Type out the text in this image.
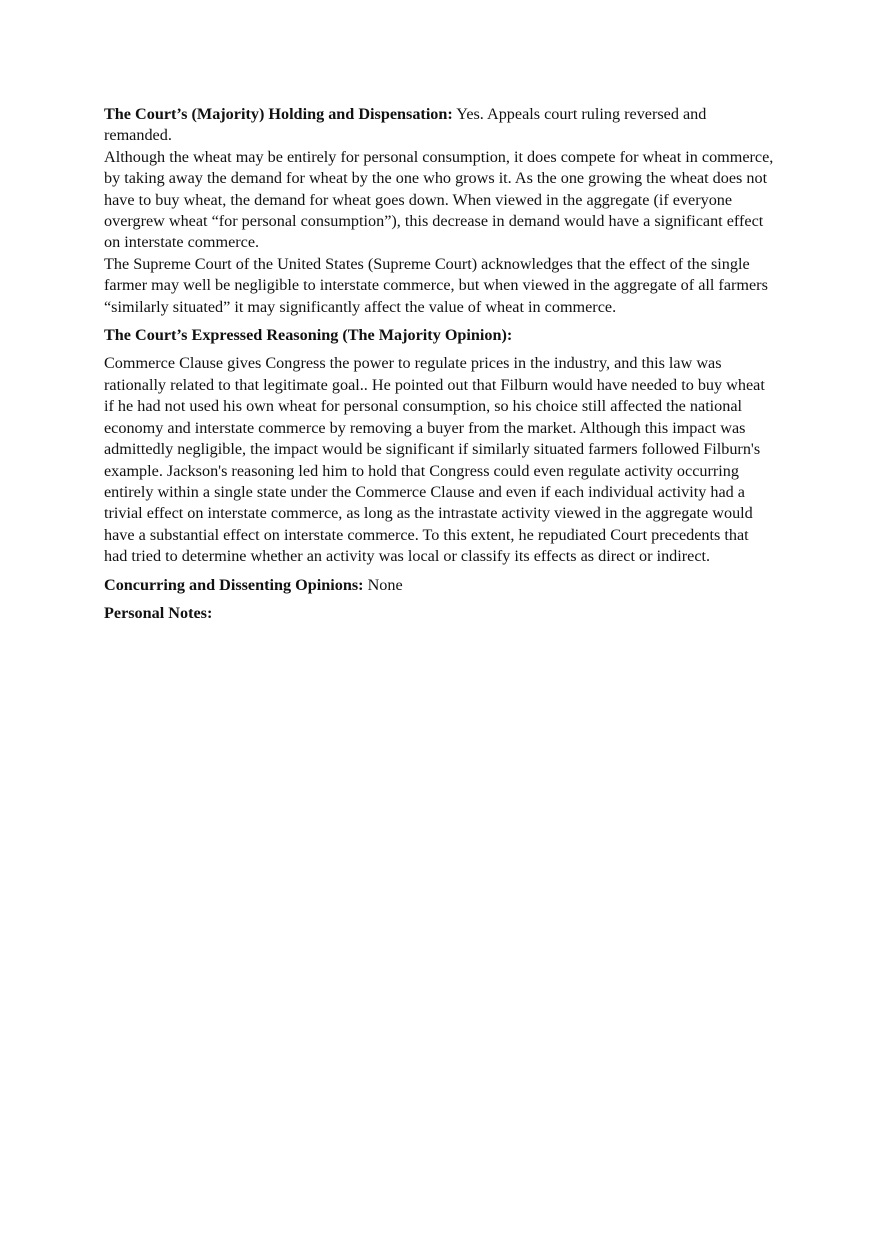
The Court’s (Majority) Holding and Dispensation: Yes. Appeals court ruling reversed and remanded.

Although the wheat may be entirely for personal consumption, it does compete for wheat in commerce, by taking away the demand for wheat by the one who grows it. As the one growing the wheat does not have to buy wheat, the demand for wheat goes down. When viewed in the aggregate (if everyone overgrew wheat “for personal consumption”), this decrease in demand would have a significant effect on interstate commerce.

The Supreme Court of the United States (Supreme Court) acknowledges that the effect of the single farmer may well be negligible to interstate commerce, but when viewed in the aggregate of all farmers “similarly situated” it may significantly affect the value of wheat in commerce.

The Court’s Expressed Reasoning (The Majority Opinion):

Commerce Clause gives Congress the power to regulate prices in the industry, and this law was rationally related to that legitimate goal.. He pointed out that Filburn would have needed to buy wheat if he had not used his own wheat for personal consumption, so his choice still affected the national economy and interstate commerce by removing a buyer from the market. Although this impact was admittedly negligible, the impact would be significant if similarly situated farmers followed Filburn's example. Jackson's reasoning led him to hold that Congress could even regulate activity occurring entirely within a single state under the Commerce Clause and even if each individual activity had a trivial effect on interstate commerce, as long as the intrastate activity viewed in the aggregate would have a substantial effect on interstate commerce. To this extent, he repudiated Court precedents that had tried to determine whether an activity was local or classify its effects as direct or indirect.

Concurring and Dissenting Opinions: None

Personal Notes:
